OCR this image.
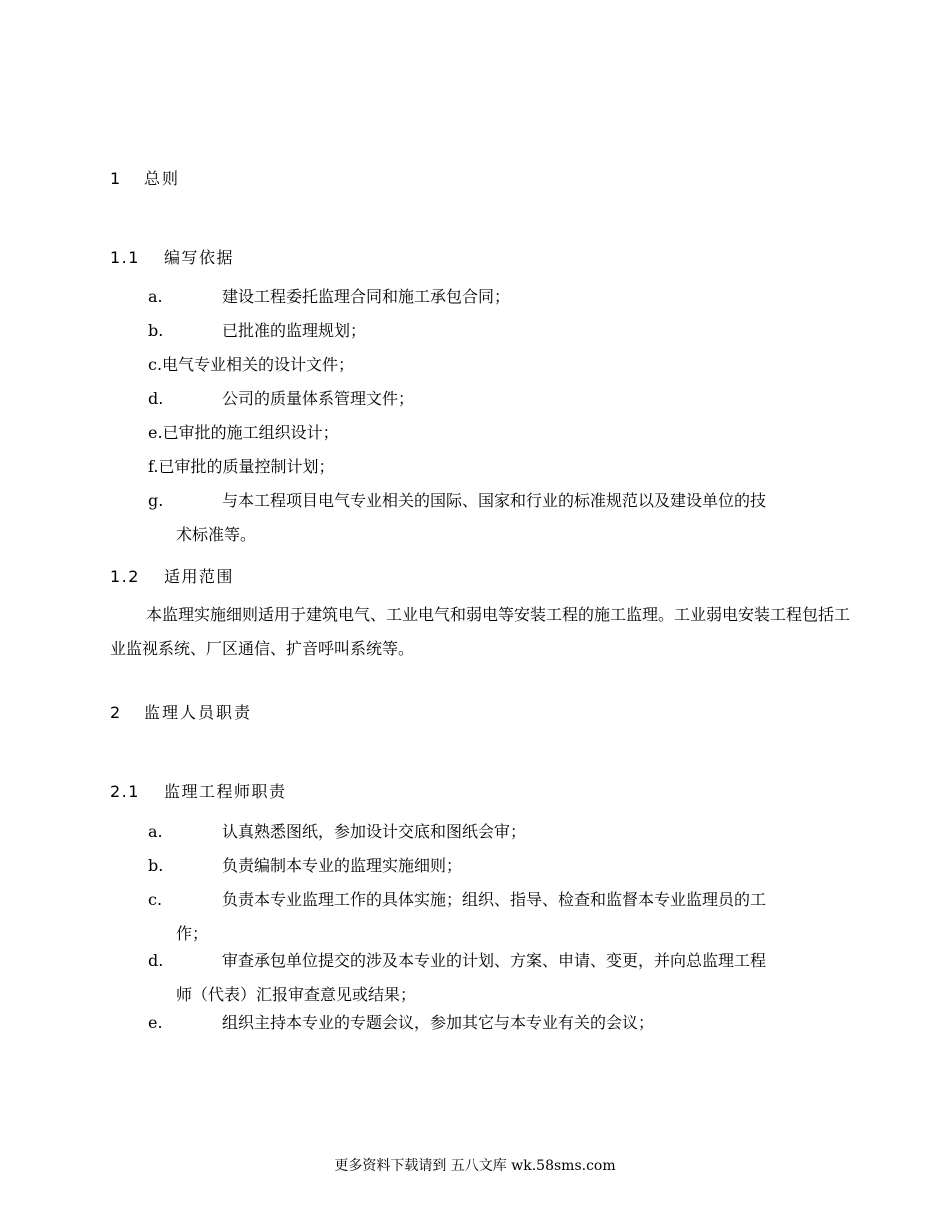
1 总则
1.1 编写依据
a.	建设工程委托监理合同和施工承包合同；
b.	已批准的监理规划；
c.电气专业相关的设计文件；
d.	公司的质量体系管理文件；
e.已审批的施工组织设计；
f.已审批的质量控制计划；
g.	与本工程项目电气专业相关的国际、国家和行业的标准规范以及建设单位的技
术标准等。
1.2 适用范围
本监理实施细则适用于建筑电气、工业电气和弱电等安装工程的施工监理。工业弱电安装工程包括工业监视系统、厂区通信、扩音呼叫系统等。
2 监理人员职责
2.1 监理工程师职责
a.	认真熟悉图纸，参加设计交底和图纸会审；
b.	负责编制本专业的监理实施细则；
c.	负责本专业监理工作的具体实施；组织、指导、检查和监督本专业监理员的工
作；
d.	审查承包单位提交的涉及本专业的计划、方案、申请、变更，并向总监理工程
师（代表）汇报审查意见或结果；
e.	组织主持本专业的专题会议，参加其它与本专业有关的会议；
更多资料下载请到 五八文库 wk.58sms.com
